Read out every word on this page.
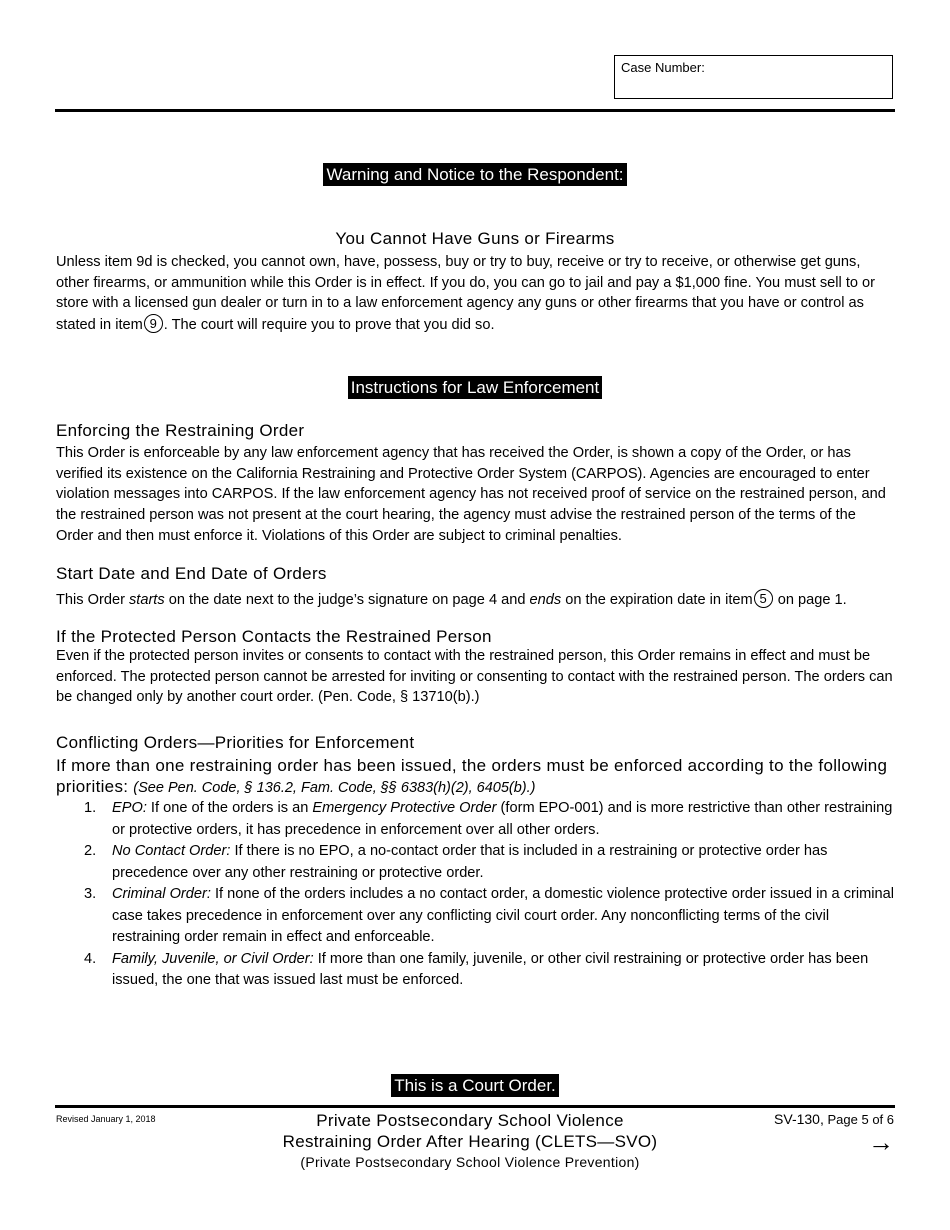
Case Number:
Warning and Notice to the Respondent:
You Cannot Have Guns or Firearms
Unless item 9d is checked, you cannot own, have, possess, buy or try to buy, receive or try to receive, or otherwise get guns, other firearms, or ammunition while this Order is in effect. If you do, you can go to jail and pay a $1,000 fine. You must sell to or store with a licensed gun dealer or turn in to a law enforcement agency any guns or other firearms that you have or control as stated in item 9 . The court will require you to prove that you did so.
Instructions for Law Enforcement
Enforcing the Restraining Order
This Order is enforceable by any law enforcement agency that has received the Order, is shown a copy of the Order, or has verified its existence on the California Restraining and Protective Order System (CARPOS). Agencies are encouraged to enter violation messages into CARPOS. If the law enforcement agency has not received proof of service on the restrained person, and the restrained person was not present at the court hearing, the agency must advise the restrained person of the terms of the Order and then must enforce it. Violations of this Order are subject to criminal penalties.
Start Date and End Date of Orders
This Order starts on the date next to the judge’s signature on page 4 and ends on the expiration date in item 5 on page 1.
If the Protected Person Contacts the Restrained Person
Even if the protected person invites or consents to contact with the restrained person, this Order remains in effect and must be enforced. The protected person cannot be arrested for inviting or consenting to contact with the restrained person. The orders can be changed only by another court order. (Pen. Code, § 13710(b).)
Conflicting Orders—Priorities for Enforcement
If more than one restraining order has been issued, the orders must be enforced according to the following priorities: (See Pen. Code, § 136.2, Fam. Code, §§ 6383(h)(2), 6405(b).)
1. EPO: If one of the orders is an Emergency Protective Order (form EPO-001) and is more restrictive than other restraining or protective orders, it has precedence in enforcement over all other orders.
2. No Contact Order: If there is no EPO, a no-contact order that is included in a restraining or protective order has precedence over any other restraining or protective order.
3. Criminal Order: If none of the orders includes a no contact order, a domestic violence protective order issued in a criminal case takes precedence in enforcement over any conflicting civil court order. Any nonconflicting terms of the civil restraining order remain in effect and enforceable.
4. Family, Juvenile, or Civil Order: If more than one family, juvenile, or other civil restraining or protective order has been issued, the one that was issued last must be enforced.
This is a Court Order.
Revised January 1, 2018	Private Postsecondary School Violence
Restraining Order After Hearing (CLETS—SVO)
(Private Postsecondary School Violence Prevention)
SV-130, Page 5 of 6
→
